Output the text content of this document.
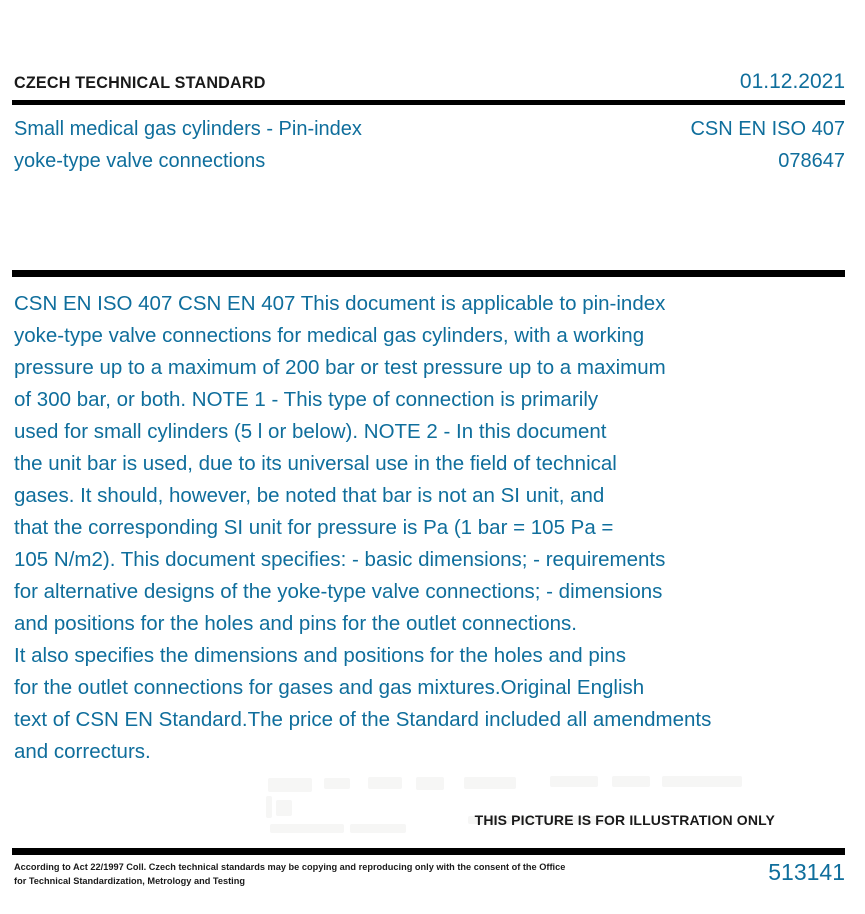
CZECH TECHNICAL STANDARD	01.12.2021
Small medical gas cylinders - Pin-index
yoke-type valve connections
CSN EN ISO 407
078647
CSN EN ISO 407 CSN EN 407 This document is applicable to pin-index
yoke-type valve connections for medical gas cylinders, with a working
pressure up to a maximum of 200 bar or test pressure up to a maximum
of 300 bar, or both. NOTE 1 - This type of connection is primarily
used for small cylinders (5 l or below). NOTE 2 - In this document
the unit bar is used, due to its universal use in the field of technical
gases. It should, however, be noted that bar is not an SI unit, and
that the corresponding SI unit for pressure is Pa (1 bar = 105 Pa =
105 N/m2). This document specifies: - basic dimensions; - requirements
for alternative designs of the yoke-type valve connections; - dimensions
and positions for the holes and pins for the outlet connections.
It also specifies the dimensions and positions for the holes and pins
for the outlet connections for gases and gas mixtures.Original English
text of CSN EN Standard.The price of the Standard included all amendments
and correcturs.
THIS PICTURE IS FOR ILLUSTRATION ONLY
According to Act 22/1997 Coll. Czech technical standards may be copying and reproducing only with the consent of the Office
for Technical Standardization, Metrology and Testing	513141
